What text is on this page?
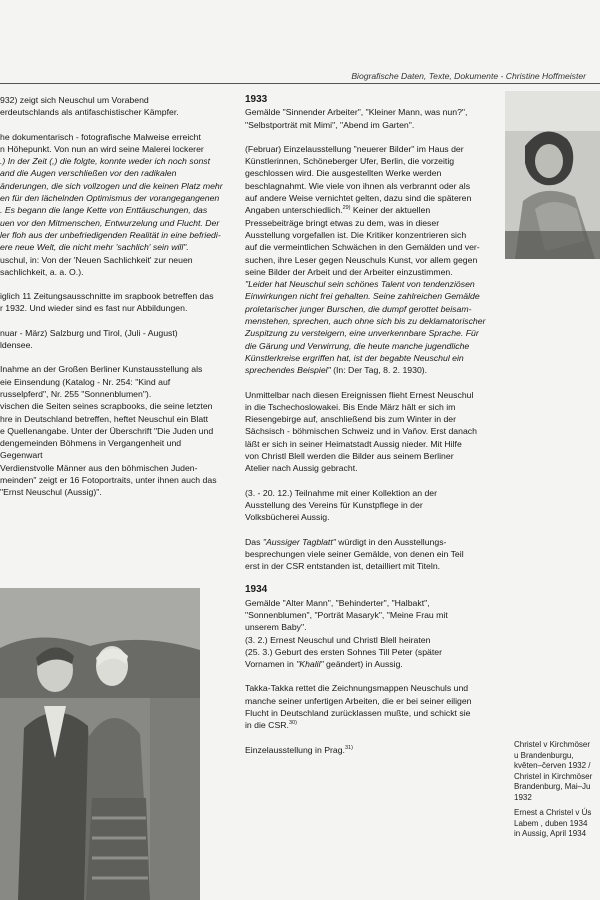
Biografische Daten, Texte, Dokumente - Christine Hoffmeister

932) zeigt sich Neuschul um Vorabend

erdeutschlands als antifaschistischer Kämpfer.

he dokumentarisch - fotografische Malweise erreicht

n Höhepunkt. Von nun an wird seine Malerei lockerer

.) In der Zeit (,) die folgte, konnte weder ich noch sonst

and die Augen verschließen vor den radikalen

änderungen, die sich vollzogen und die keinen Platz mehr

en für den lächelnden Optimismus der vorangegangenen

. Es begann die lange Kette von Enttäuschungen, das

uen vor den Mitmenschen, Entwurzelung und Flucht. Der

ler floh aus der unbefriedigenden Realität in eine befriedi-

ere neue Welt, die nicht mehr 'sachlich' sein will".

uschul, in: Von der 'Neuen Sachlichkeit' zur neuen

sachlichkeit, a. a. O.).

iglich 11 Zeitungsausschnitte im srapbook betreffen das

r 1932. Und wieder sind es fast nur Abbildungen.

nuar - März) Salzburg und Tirol, (Juli - August)

ldensee.

Inahme an der Großen Berliner Kunstausstellung als

eie Einsendung (Katalog - Nr. 254: "Kind auf

russelpferd", Nr. 255 "Sonnenblumen").

vischen die Seiten seines scrapbooks, die seine letzten

hre in Deutschland betreffen, heftet Neuschul ein Blatt

e Quellenangabe. Unter der Überschrift "Die Juden und

dengemeinden Böhmens in Vergangenheit und Gegenwart

Verdienstvolle Männer aus den böhmischen Juden-

meinden" zeigt er 16 Fotoportraits, unter ihnen auch das

"Ernst Neuschul (Aussig)".

1933

Gemälde "Sinnender Arbeiter", "Kleiner Mann, was nun?",

"Selbstporträt mit Mimi", "Abend im Garten".

(Februar) Einzelausstellung "neuerer Bilder" im Haus der

Künstlerinnen, Schöneberger Ufer, Berlin, die vorzeitig

geschlossen wird. Die ausgestellten Werke werden

beschlagnahmt. Wie viele von ihnen als verbrannt oder als

auf andere Weise vernichtet gelten, dazu sind die späteren

Angaben unterschiedlich.$^{29)}$ Keiner der aktuellen

Pressebeiträge bringt etwas zu dem, was in dieser

Ausstellung vorgefallen ist. Die Kritiker konzentrieren sich

auf die vermeintlichen Schwächen in den Gemälden und ver-

suchen, ihre Leser gegen Neuschuls Kunst, vor allem gegen

seine Bilder der Arbeit und der Arbeiter einzustimmen.

"Leider hat Neuschul sein schönes Talent von tendenziösen

Einwirkungen nicht frei gehalten. Seine zahlreichen Gemälde

proletarischer junger Burschen, die dumpf gerottet beisam-

menstehen, sprechen, auch ohne sich bis zu deklamatorischer

Zuspitzung zu versteigern, eine unverkennbare Sprache. Für

die Gärung und Verwirrung, die heute manche jugendliche

Künstlerkreise ergriffen hat, ist der begabte Neuschul ein

sprechendes Beispiel" (In: Der Tag, 8. 2. 1930).

Unmittelbar nach diesen Ereignissen flieht Ernest Neuschul

in die Tschechoslowakei. Bis Ende März hält er sich im

Riesengebirge auf, anschließend bis zum Winter in der

Sächsisch - böhmischen Schweiz und in Vaňov. Erst danach

läßt er sich in seiner Heimatstadt Aussig nieder. Mit Hilfe

von Christl Blell werden die Bilder aus seinem Berliner

Atelier nach Aussig gebracht.

(3. - 20. 12.) Teilnahme mit einer Kollektion an der

Ausstellung des Vereins für Kunstpflege in der

Volksbücherei Aussig.

Das "Aussiger Tagblatt" würdigt in den Ausstellungs-

besprechungen viele seiner Gemälde, von denen ein Teil

erst in der CSR entstanden ist, detailliert mit Titeln.

1934

Gemälde "Alter Mann", "Behinderter", "Halbakt",

"Sonnenblumen", "Porträt Masaryk", "Meine Frau mit

unserem Baby".

(3. 2.) Ernest Neuschul und Christl Blell heiraten

(25. 3.) Geburt des ersten Sohnes Till Peter (später

Vornamen in "Khalil" geändert) in Aussig.

Takka-Takka rettet die Zeichnungsmappen Neuschuls und

manche seiner unfertigen Arbeiten, die er bei seiner eiligen

Flucht in Deutschland zurücklassen mußte, und schickt sie

in die CSR.$^{30)}$

Einzelausstellung in Prag.$^{31)}$	Christel v Kirchmöser
u Brandenburgu,
květen–červen 1932 /
Christel in Kirchmöser
Brandenburg, Mai–Ju
1932
Ernest a Christel v Ús
Labem , duben 1934
in Aussig, April 1934
